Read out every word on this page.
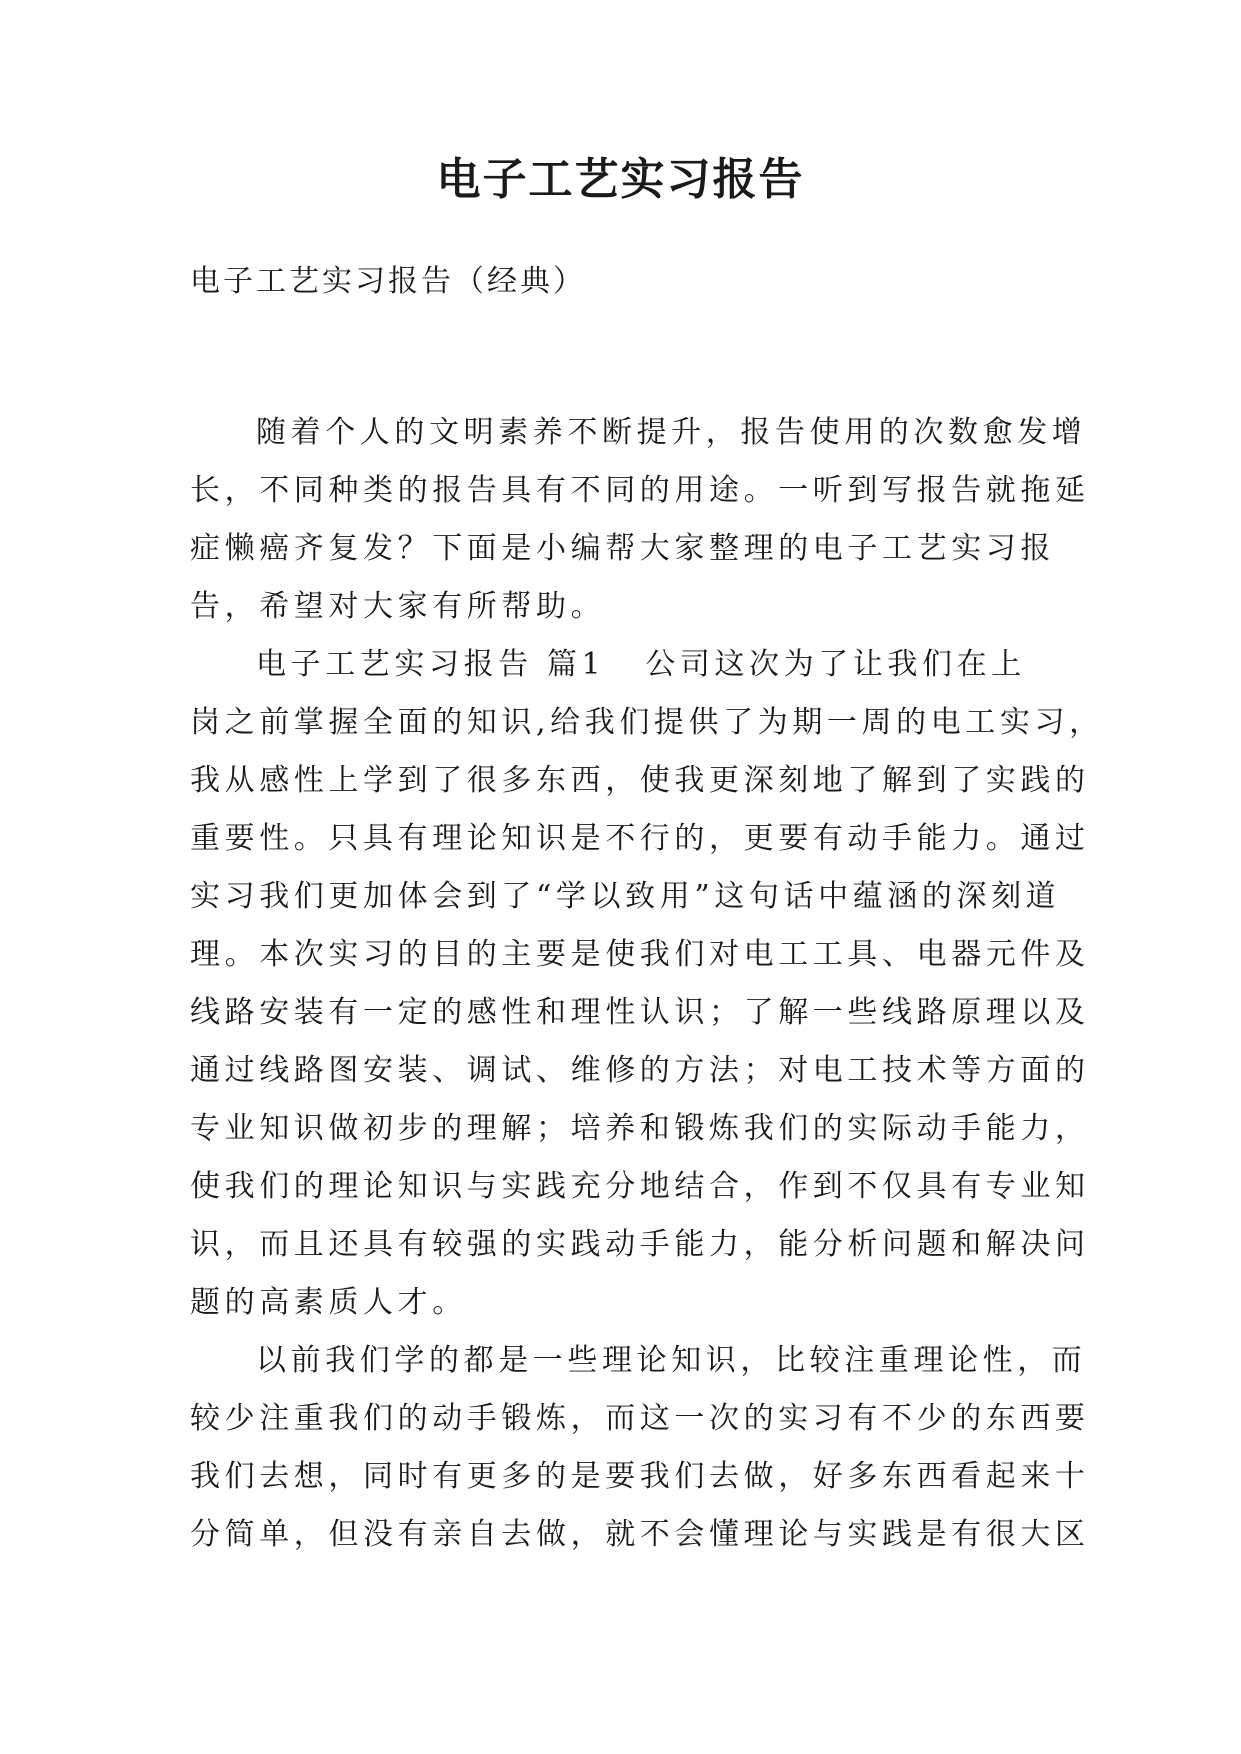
电子工艺实习报告
电子工艺实习报告（经典）
随着个人的文明素养不断提升，报告使用的次数愈发增
长，不同种类的报告具有不同的用途。一听到写报告就拖延
症懒癌齐复发？下面是小编帮大家整理的电子工艺实习报
告，希望对大家有所帮助。
电子工艺实习报告 篇1 公司这次为了让我们在上
岗之前掌握全面的知识,给我们提供了为期一周的电工实习，
我从感性上学到了很多东西，使我更深刻地了解到了实践的
重要性。只具有理论知识是不行的，更要有动手能力。通过
实习我们更加体会到了“学以致用”这句话中蕴涵的深刻道
理。本次实习的目的主要是使我们对电工工具、电器元件及
线路安装有一定的感性和理性认识；了解一些线路原理以及
通过线路图安装、调试、维修的方法；对电工技术等方面的
专业知识做初步的理解；培养和锻炼我们的实际动手能力，
使我们的理论知识与实践充分地结合，作到不仅具有专业知
识，而且还具有较强的实践动手能力，能分析问题和解决问
题的高素质人才。
以前我们学的都是一些理论知识，比较注重理论性，而
较少注重我们的动手锻炼，而这一次的实习有不少的东西要
我们去想，同时有更多的是要我们去做，好多东西看起来十
分简单，但没有亲自去做，就不会懂理论与实践是有很大区
